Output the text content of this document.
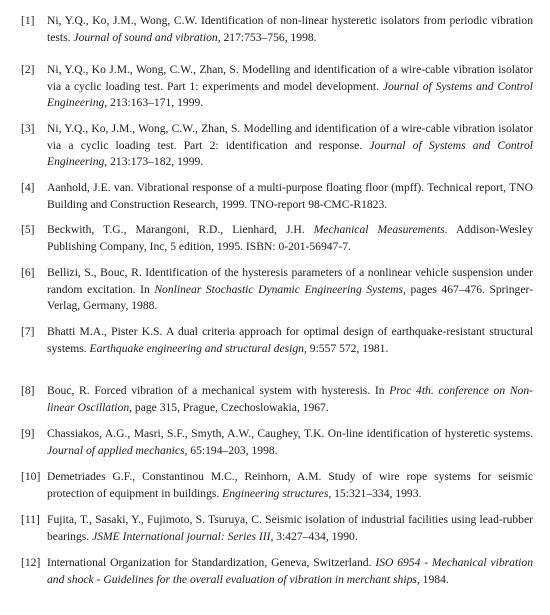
[1]	Ni, Y.Q., Ko, J.M., Wong, C.W. Identification of non-linear hysteretic isolators from periodic vibration tests. Journal of sound and vibration, 217:753–756, 1998.
[2]	Ni, Y.Q., Ko J.M., Wong, C.W., Zhan, S. Modelling and identification of a wire-cable vibration isolator via a cyclic loading test. Part 1: experiments and model development. Journal of Systems and Control Engineering, 213:163–171, 1999.
[3]	Ni, Y.Q., Ko, J.M., Wong, C.W., Zhan, S. Modelling and identification of a wire-cable vibration isolator via a cyclic loading test. Part 2: identification and response. Journal of Systems and Control Engineering, 213:173–182, 1999.
[4]	Aanhold, J.E. van. Vibrational response of a multi-purpose floating floor (mpff). Technical report, TNO Building and Construction Research, 1999. TNO-report 98-CMC-R1823.
[5]	Beckwith, T.G., Marangoni, R.D., Lienhard, J.H. Mechanical Measurements. Addison-Wesley Publishing Company, Inc, 5 edition, 1995. ISBN: 0-201-56947-7.
[6]	Bellizi, S., Bouc, R. Identification of the hysteresis parameters of a nonlinear vehicle suspension under random excitation. In Nonlinear Stochastic Dynamic Engineering Systems, pages 467–476. Springer-Verlag, Germany, 1988.
[7]	Bhatti M.A., Pister K.S. A dual criteria approach for optimal design of earthquake-resistant structural systems. Earthquake engineering and structural design, 9:557 572, 1981.
[8]	Bouc, R. Forced vibration of a mechanical system with hysteresis. In Proc 4th. conference on Non-linear Oscillation, page 315, Prague, Czechoslowakia, 1967.
[9]	Chassiakos, A.G., Masri, S.F., Smyth, A.W., Caughey, T.K. On-line identification of hysteretic systems. Journal of applied mechanics, 65:194–203, 1998.
[10] Demetriades G.F., Constantinou M.C., Reinhorn, A.M. Study of wire rope systems for seismic protection of equipment in buildings. Engineering structures, 15:321–334, 1993.
[11] Fujita, T., Sasaki, Y., Fujimoto, S. Tsuruya, C. Seismic isolation of industrial facilities using lead-rubber bearings. JSME International journal: Series III, 3:427–434, 1990.
[12] International Organization for Standardization, Geneva, Switzerland. ISO 6954 - Mechanical vibration and shock - Guidelines for the overall evaluation of vibration in merchant ships, 1984.
